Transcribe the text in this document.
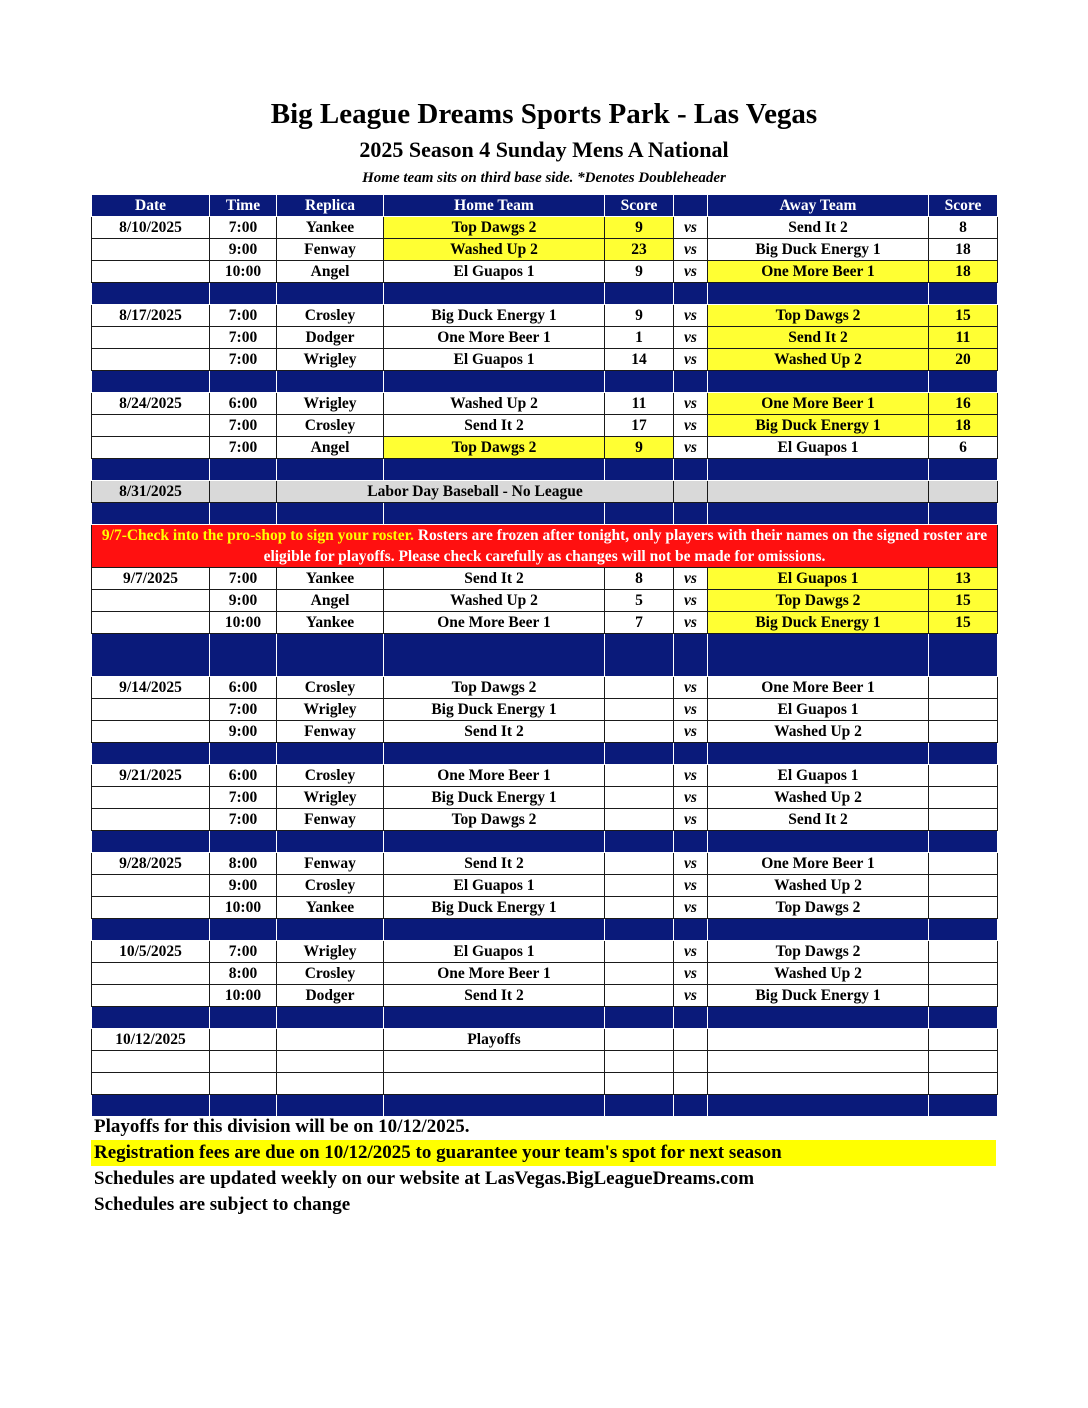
Big League Dreams Sports Park - Las Vegas
2025 Season 4 Sunday Mens A National
Home team sits on third base side. *Denotes Doubleheader
Date	Time	Replica	Home Team	Score		Away Team	Score
8/10/2025	7:00	Yankee	Top Dawgs 2	9	vs	Send It 2	8
	9:00	Fenway	Washed Up 2	23	vs	Big Duck Energy 1	18
	10:00	Angel	El Guapos 1	9	vs	One More Beer 1	18

8/17/2025	7:00	Crosley	Big Duck Energy 1	9	vs	Top Dawgs 2	15
	7:00	Dodger	One More Beer 1	1	vs	Send It 2	11
	7:00	Wrigley	El Guapos 1	14	vs	Washed Up 2	20

8/24/2025	6:00	Wrigley	Washed Up 2	11	vs	One More Beer 1	16
	7:00	Crosley	Send It 2	17	vs	Big Duck Energy 1	18
	7:00	Angel	Top Dawgs 2	9	vs	El Guapos 1	6

8/31/2025		Labor Day Baseball - No League					

9/7-Check into the pro-shop to sign your roster. Rosters are frozen after tonight, only players with their names on the signed roster are eligible for playoffs. Please check carefully as changes will not be made for omissions.							
9/7/2025	7:00	Yankee	Send It 2	8	vs	El Guapos 1	13
	9:00	Angel	Washed Up 2	5	vs	Top Dawgs 2	15
	10:00	Yankee	One More Beer 1	7	vs	Big Duck Energy 1	15

9/14/2025	6:00	Crosley	Top Dawgs 2		vs	One More Beer 1	
	7:00	Wrigley	Big Duck Energy 1		vs	El Guapos 1	
	9:00	Fenway	Send It 2		vs	Washed Up 2	

9/21/2025	6:00	Crosley	One More Beer 1		vs	El Guapos 1	
	7:00	Wrigley	Big Duck Energy 1		vs	Washed Up 2	
	7:00	Fenway	Top Dawgs 2		vs	Send It 2	

9/28/2025	8:00	Fenway	Send It 2		vs	One More Beer 1	
	9:00	Crosley	El Guapos 1		vs	Washed Up 2	
	10:00	Yankee	Big Duck Energy 1		vs	Top Dawgs 2	

10/5/2025	7:00	Wrigley	El Guapos 1		vs	Top Dawgs 2	
	8:00	Crosley	One More Beer 1		vs	Washed Up 2	
	10:00	Dodger	Send It 2		vs	Big Duck Energy 1	

10/12/2025			Playoffs				

Playoffs for this division will be on 10/12/2025.
Registration fees are due on 10/12/2025 to guarantee your team's spot for next season
Schedules are updated weekly on our website at LasVegas.BigLeagueDreams.com
Schedules are subject to change
